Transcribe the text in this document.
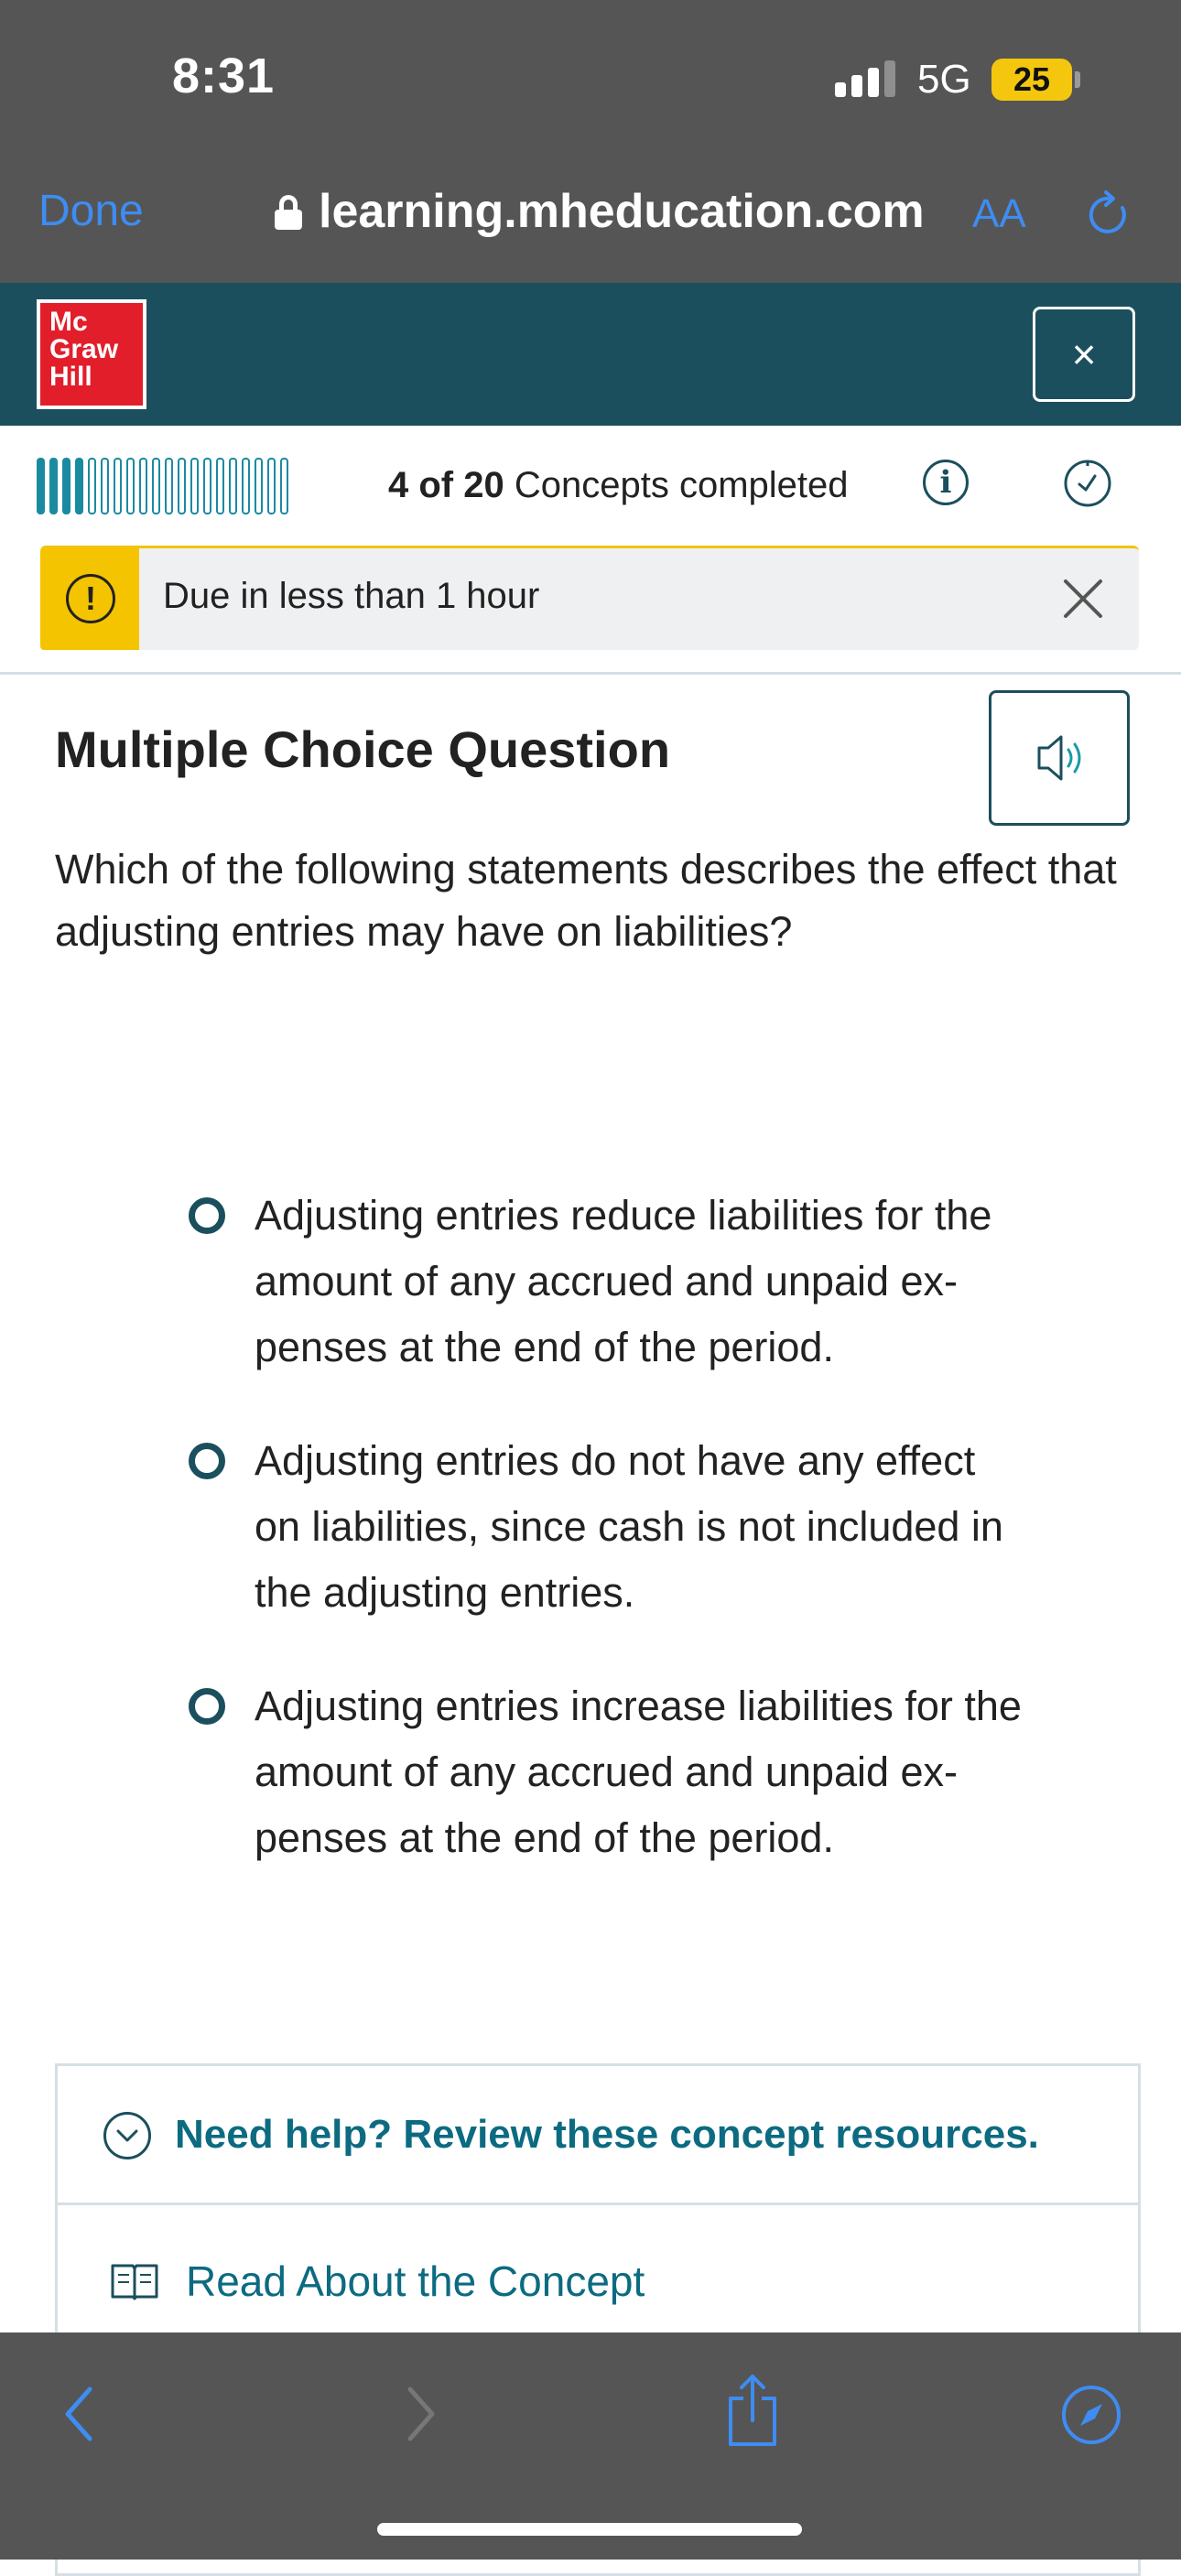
8:31	5G	25
Done	learning.mheducation.com AA
Mc
Graw
Hill	×
4 of 20 Concepts completed	i
!	Due in less than 1 hour
Multiple Choice Question
Which of the following statements describes the effect that adjusting entries may have on liabilities?
Adjusting entries reduce liabilities for the
amount of any accrued and unpaid ex-
penses at the end of the period.
Adjusting entries do not have any effect
on liabilities, since cash is not included in
the adjusting entries.
Adjusting entries increase liabilities for the
amount of any accrued and unpaid ex-
penses at the end of the period.
Need help? Review these concept resources.
Read About the Concept
